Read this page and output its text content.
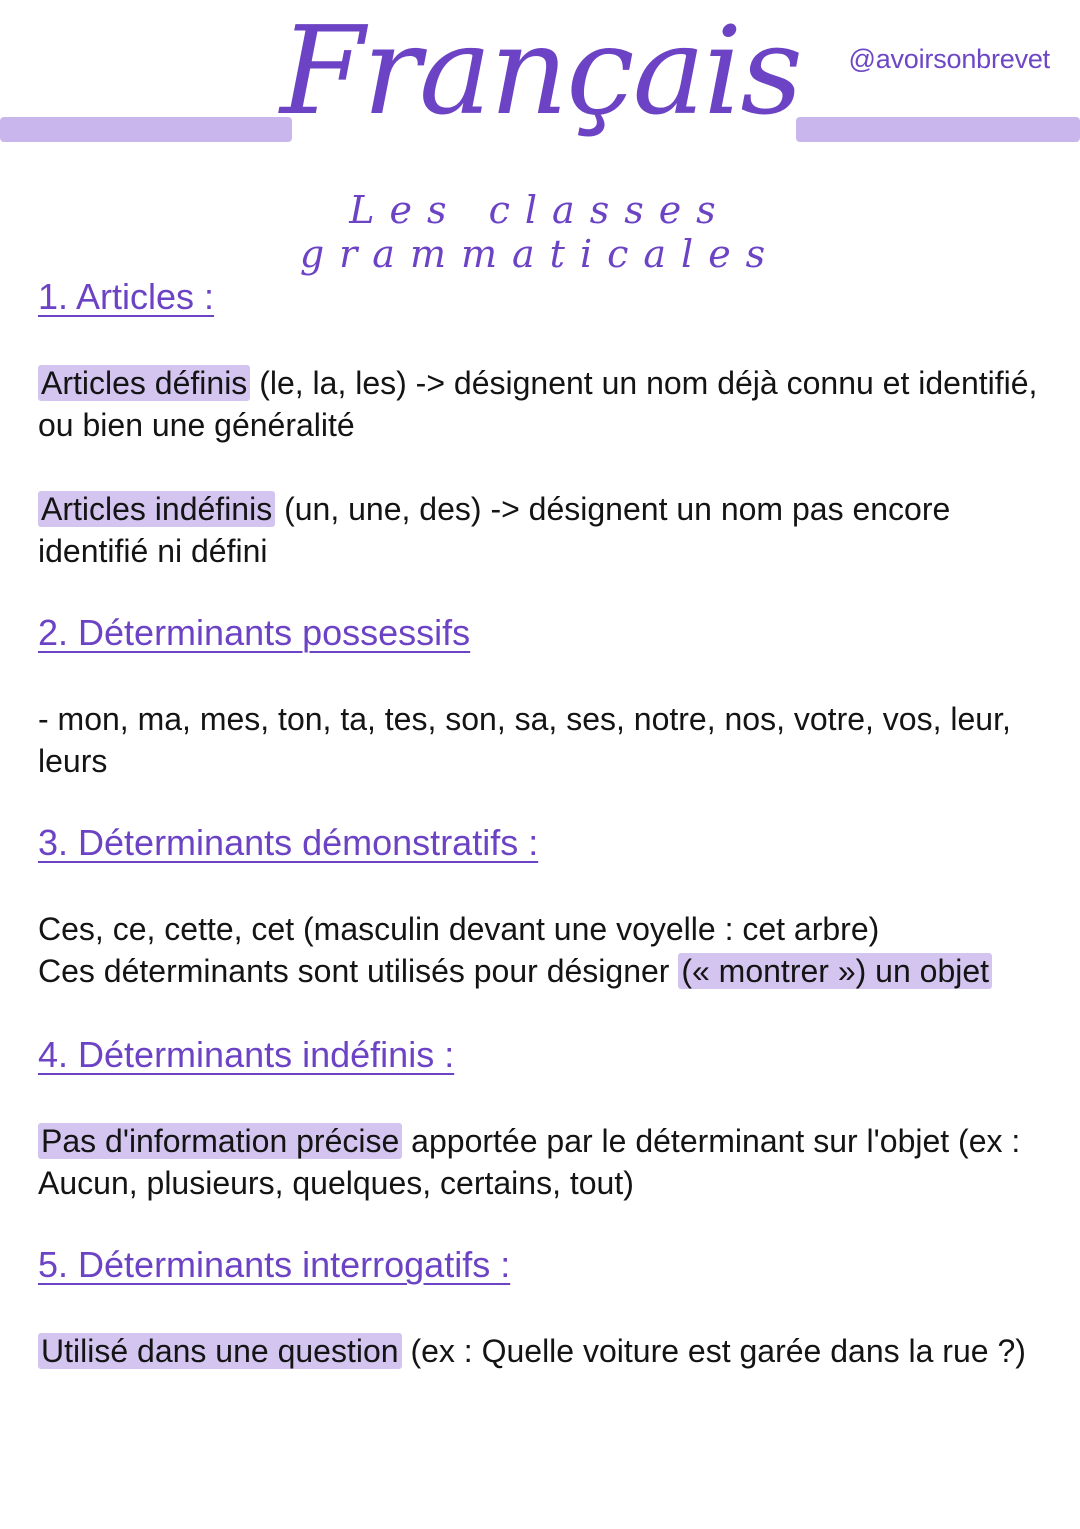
Français @avoirsonbrevet
Les classes grammaticales
1. Articles :
Articles définis (le, la, les) -> désignent un nom déjà connu et identifié, ou bien une généralité
Articles indéfinis (un, une, des) -> désignent un nom pas encore identifié ni défini
2. Déterminants possessifs
- mon, ma, mes, ton, ta, tes, son, sa, ses, notre, nos, votre, vos, leur, leurs
3. Déterminants démonstratifs :
Ces, ce, cette, cet (masculin devant une voyelle : cet arbre)
Ces déterminants sont utilisés pour désigner (« montrer ») un objet
4. Déterminants indéfinis :
Pas d'information précise apportée par le déterminant sur l'objet (ex : Aucun, plusieurs, quelques, certains, tout)
5. Déterminants interrogatifs :
Utilisé dans une question (ex : Quelle voiture est garée dans la rue ?)
